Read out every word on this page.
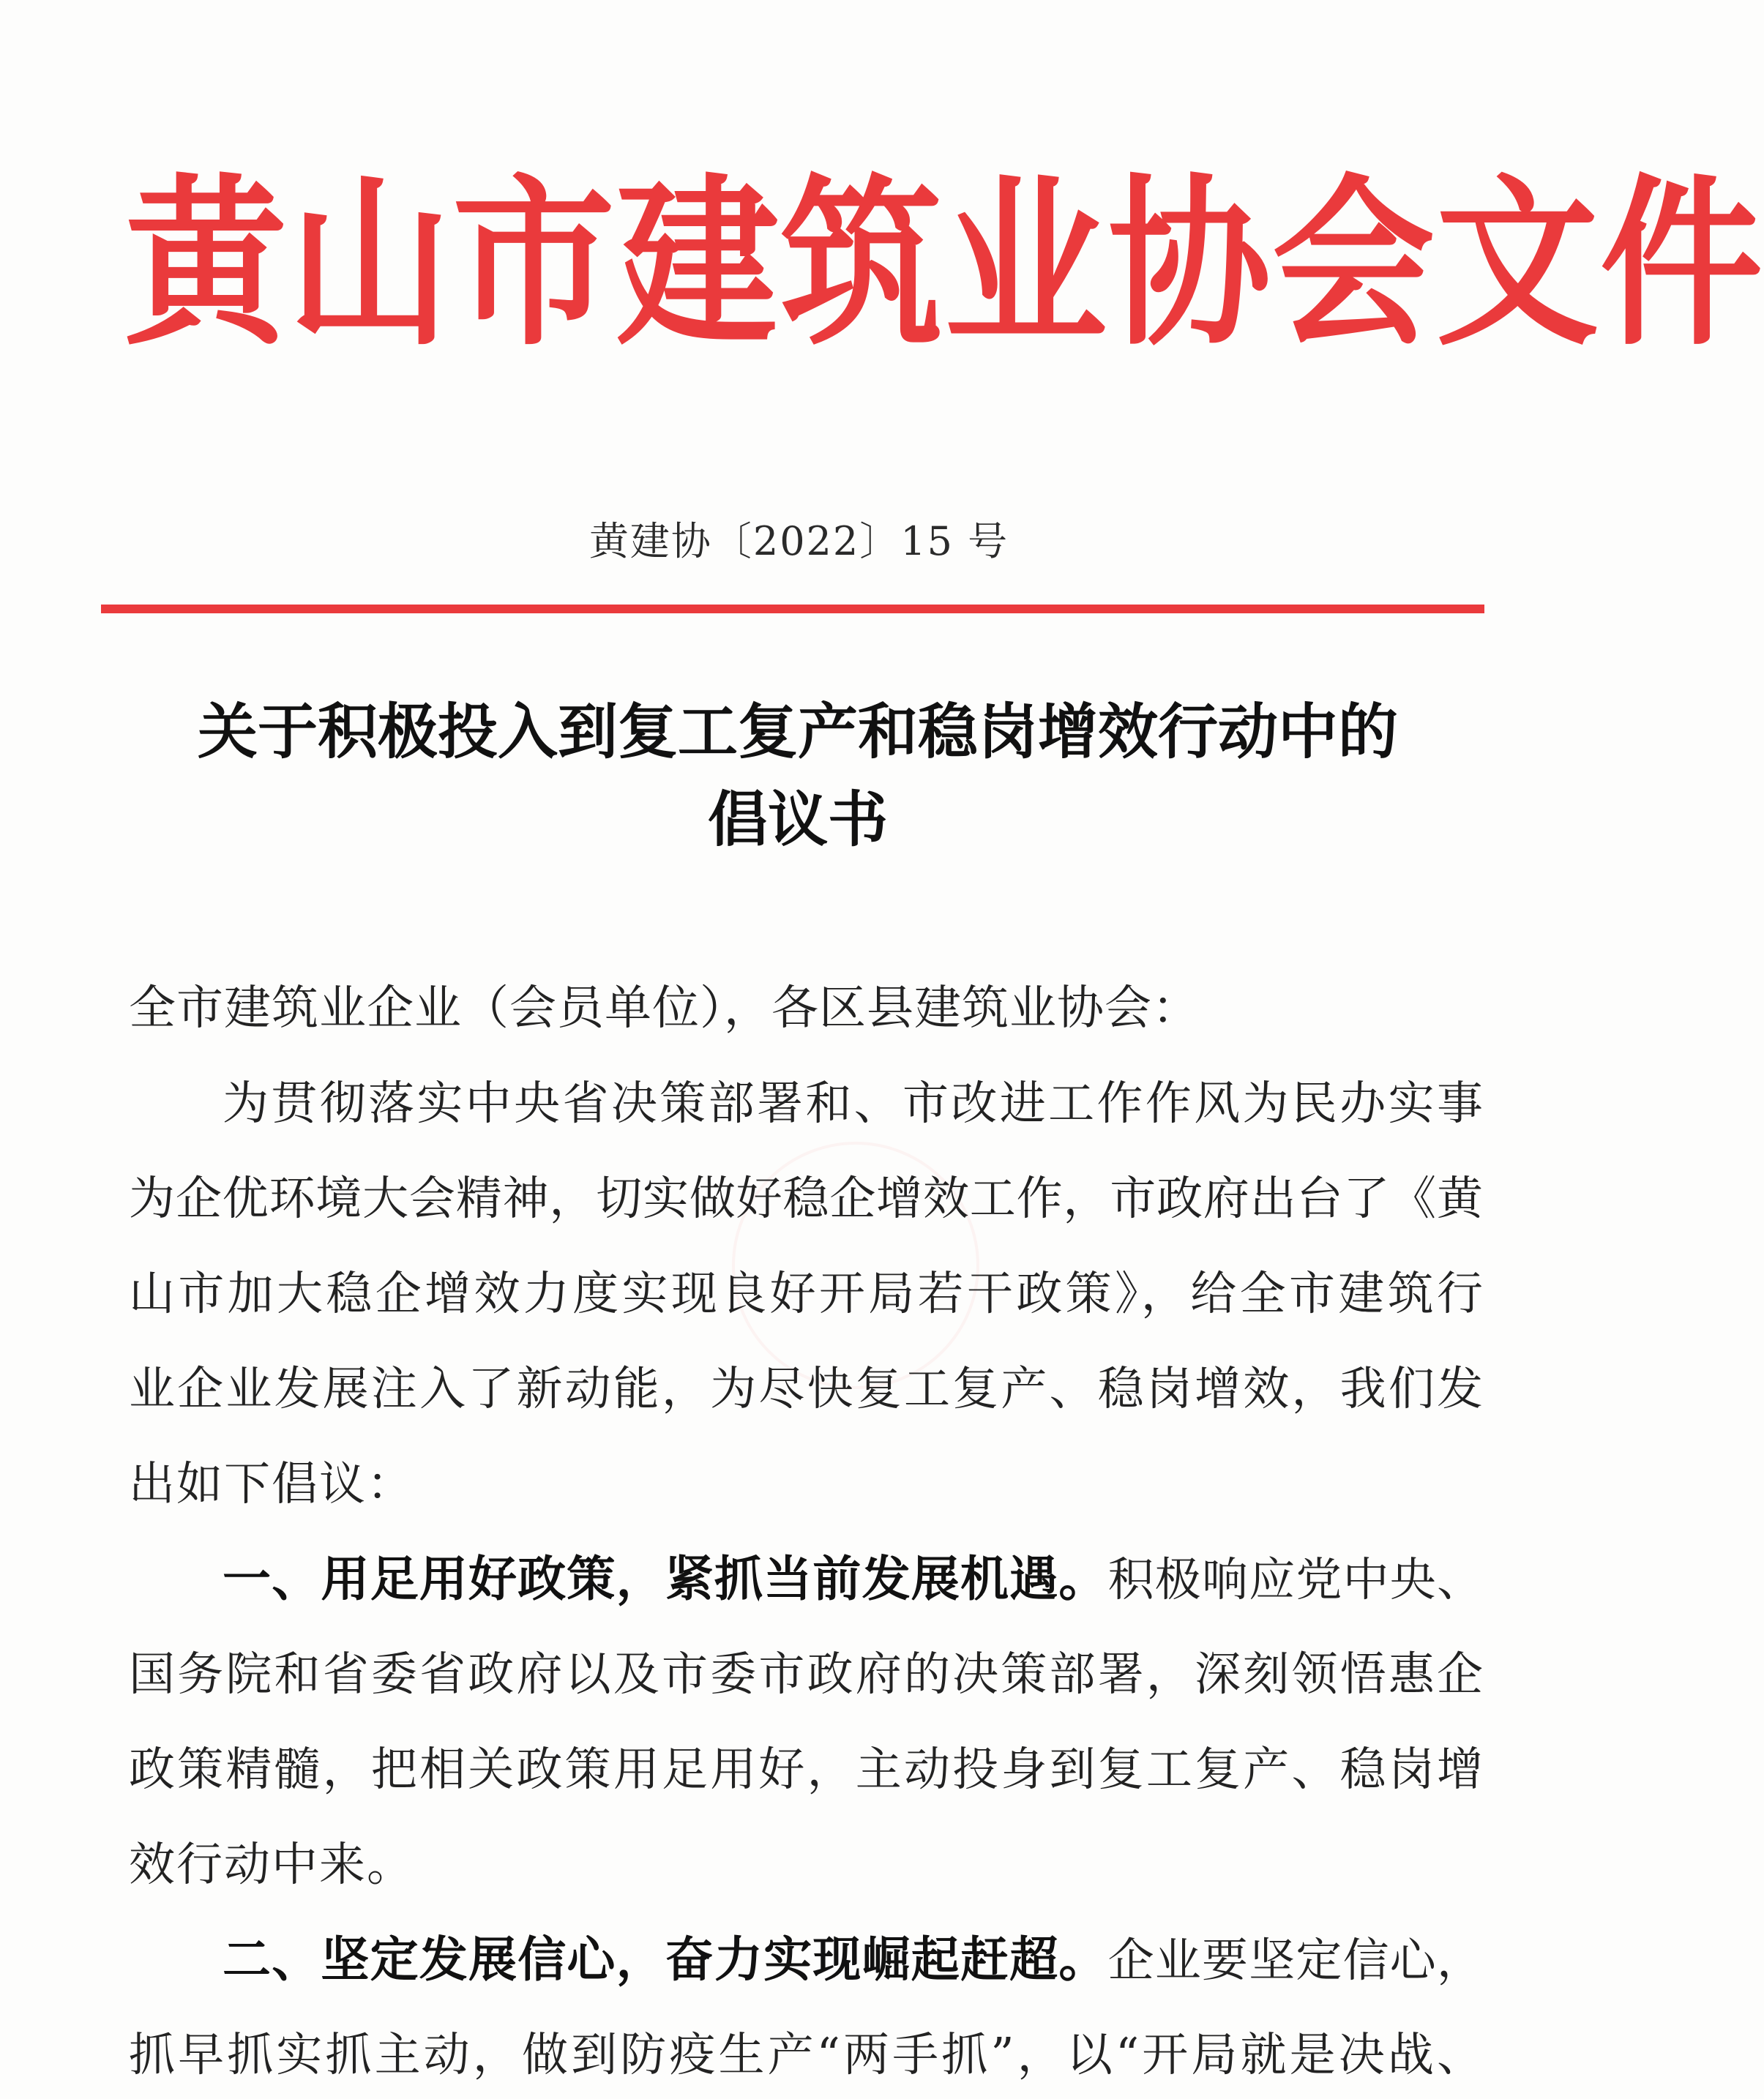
黄山市建筑业协会文件
黄建协〔2022〕15 号
关于积极投入到复工复产和稳岗增效行动中的
倡议书
全市建筑业企业（会员单位），各区县建筑业协会：
为贯彻落实中央省决策部署和、市改进工作作风为民办实事
为企优环境大会精神，切实做好稳企增效工作，市政府出台了《黄
山市加大稳企增效力度实现良好开局若干政策》，给全市建筑行
业企业发展注入了新动能，为尽快复工复产、稳岗增效，我们发
出如下倡议：
一、用足用好政策，紧抓当前发展机遇。积极响应党中央、
国务院和省委省政府以及市委市政府的决策部署，深刻领悟惠企
政策精髓，把相关政策用足用好，主动投身到复工复产、稳岗增
效行动中来。
二、坚定发展信心，奋力实现崛起赶超。企业要坚定信心，
抓早抓实抓主动，做到防疫生产“两手抓”，以“开局就是决战、
